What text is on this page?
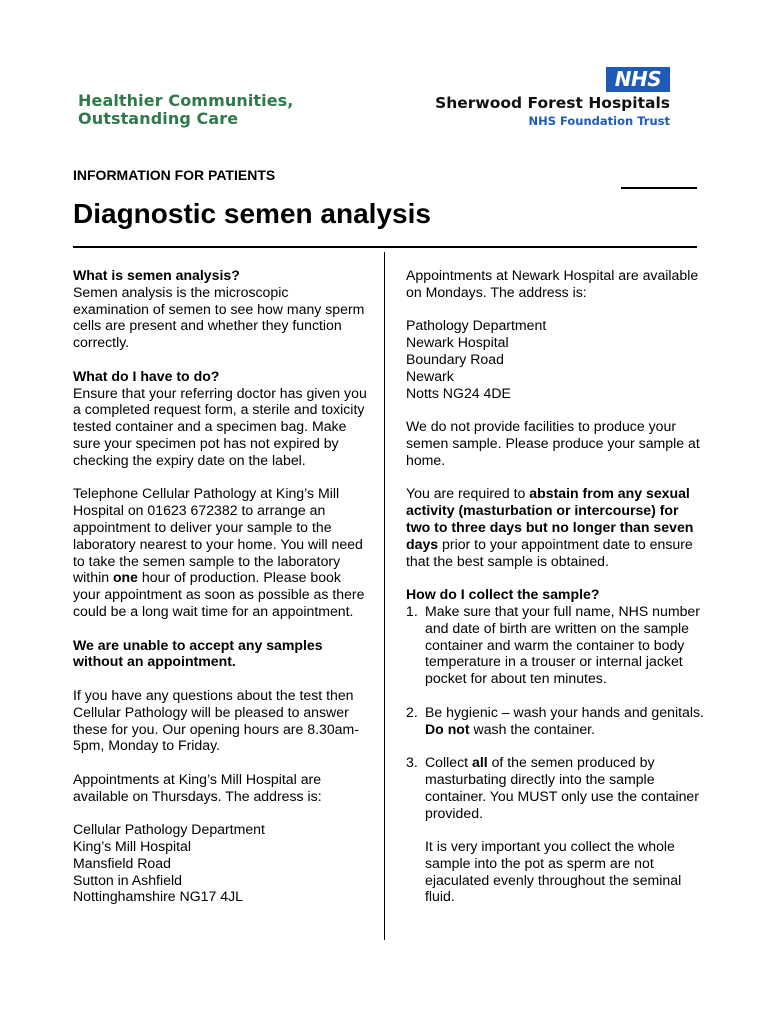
Healthier Communities,
Outstanding Care
NHS
Sherwood Forest Hospitals
NHS Foundation Trust
INFORMATION FOR PATIENTS
Diagnostic semen analysis

What is semen analysis?
Semen analysis is the microscopic examination of semen to see how many sperm cells are present and whether they function correctly.

What do I have to do?
Ensure that your referring doctor has given you a completed request form, a sterile and toxicity tested container and a specimen bag. Make sure your specimen pot has not expired by checking the expiry date on the label.

Telephone Cellular Pathology at King’s Mill Hospital on 01623 672382 to arrange an appointment to deliver your sample to the laboratory nearest to your home. You will need to take the semen sample to the laboratory within one hour of production. Please book your appointment as soon as possible as there could be a long wait time for an appointment.

We are unable to accept any samples without an appointment.

If you have any questions about the test then Cellular Pathology will be pleased to answer these for you. Our opening hours are 8.30am-5pm, Monday to Friday.

Appointments at King’s Mill Hospital are available on Thursdays. The address is:

Cellular Pathology Department
King’s Mill Hospital
Mansfield Road
Sutton in Ashfield
Nottinghamshire NG17 4JL

Appointments at Newark Hospital are available on Mondays. The address is:

Pathology Department
Newark Hospital
Boundary Road
Newark
Notts NG24 4DE

We do not provide facilities to produce your semen sample. Please produce your sample at home.

You are required to abstain from any sexual activity (masturbation or intercourse) for two to three days but no longer than seven days prior to your appointment date to ensure that the best sample is obtained.

How do I collect the sample?
1. Make sure that your full name, NHS number and date of birth are written on the sample container and warm the container to body temperature in a trouser or internal jacket pocket for about ten minutes.
2. Be hygienic – wash your hands and genitals. Do not wash the container.
3. Collect all of the semen produced by masturbating directly into the sample container. You MUST only use the container provided.

It is very important you collect the whole sample into the pot as sperm are not ejaculated evenly throughout the seminal fluid.
